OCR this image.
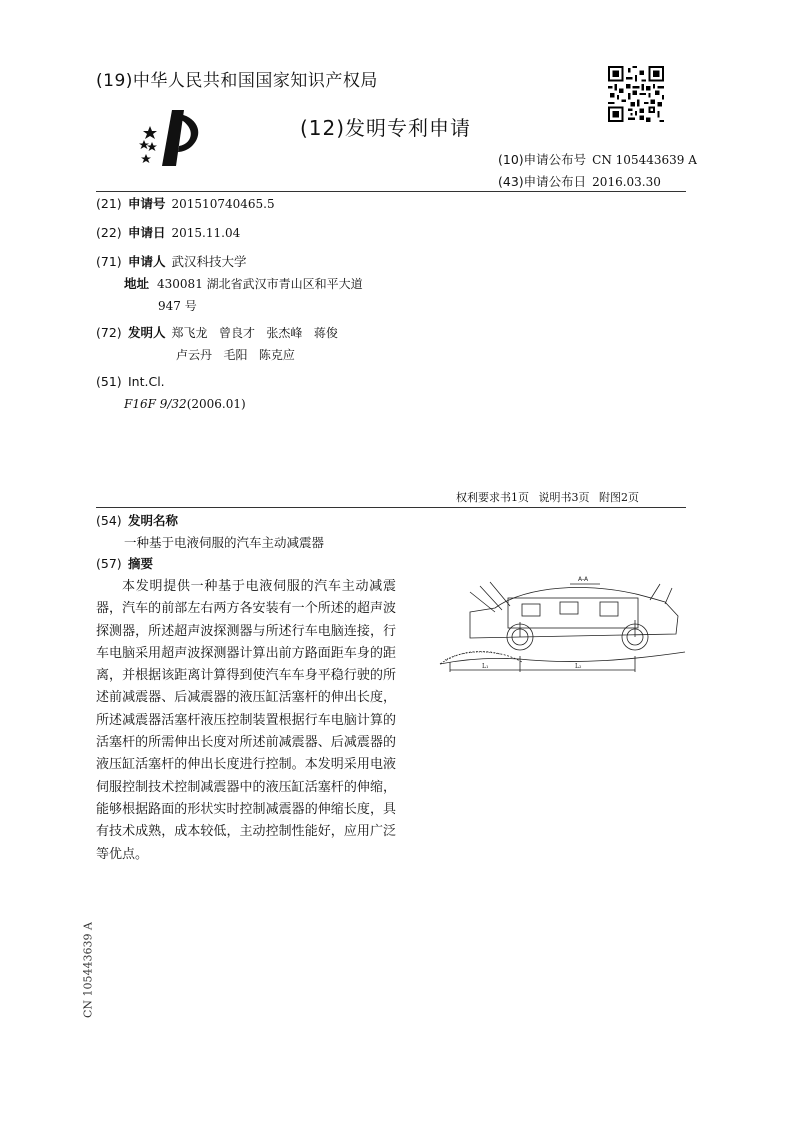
(19)中华人民共和国国家知识产权局
(12)发明专利申请
(10)申请公布号 CN 105443639 A
(43)申请公布日 2016.03.30
(21) 申请号 201510740465.5
(22) 申请日 2015.11.04
(71) 申请人 武汉科技大学
地址 430081 湖北省武汉市青山区和平大道
947 号
(72) 发明人 郑飞龙   曾良才   张杰峰   蒋俊
卢云丹   毛阳   陈克应
(51) Int.Cl.
F16F 9/32(2006.01)
权利要求书1页 说明书3页 附图2页
(54) 发明名称
一种基于电液伺服的汽车主动减震器
(57) 摘要

本发明提供一种基于电液伺服的汽车主动减震器，汽车的前部左右两方各安装有一个所述的超声波探测器，所述超声波探测器与所述行车电脑连接，行车电脑采用超声波探测器计算出前方路面距车身的距离，并根据该距离计算得到使汽车车身平稳行驶的所述前减震器、后减震器的液压缸活塞杆的伸出长度，所述减震器活塞杆液压控制装置根据行车电脑计算的活塞杆的所需伸出长度对所述前减震器、后减震器的液压缸活塞杆的伸出长度进行控制。本发明采用电液伺服控制技术控制减震器中的液压缸活塞杆的伸缩，能够根据路面的形状实时控制减震器的伸缩长度，具有技术成熟，成本较低，主动控制性能好，应用广泛等优点。

A-A
L₁	L₂
CN 105443639 A
